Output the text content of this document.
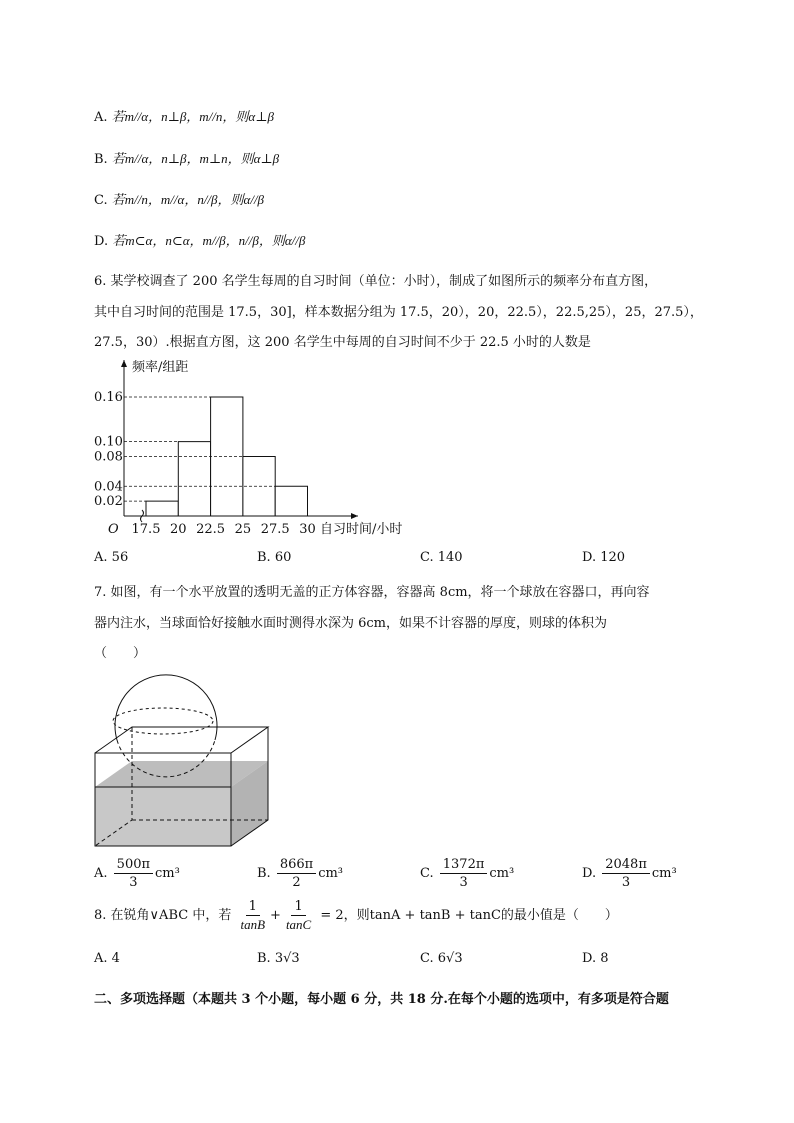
A. 若m//α，n⊥β，m//n，则α⊥β
B. 若m//α，n⊥β，m⊥n，则α⊥β
C. 若m//n，m//α，n//β，则α//β
D. 若m⊂α，n⊂α，m//β，n//β，则α//β
6. 某学校调查了 200 名学生每周的自习时间（单位：小时），制成了如图所示的频率分布直方图，
其中自习时间的范围是 17.5，30]，样本数据分组为 17.5，20），20，22.5），22.5,25），25，27.5），
27.5，30）.根据直方图，这 200 名学生中每周的自习时间不少于 22.5 小时的人数是
频率/组距
自习时间/小时
O
0.02
0.04
0.08
0.10
0.16
17.5 20 22.5 25 27.5 30
A. 56	B. 60	C. 140	D. 120
7. 如图，有一个水平放置的透明无盖的正方体容器，容器高 8cm，将一个球放在容器口，再向容
器内注水，当球面恰好接触水面时测得水深为 6cm，如果不计容器的厚度，则球的体积为
（　　）
A. $\frac{500\pi}{3} cm^3$	B. $\frac{866\pi}{2} cm^3$	C. $\frac{1372\pi}{3} cm^3$	D. $\frac{2048\pi}{3} cm^3$
8. 在锐角∨ABC 中，若 $\frac{1}{\tan B} + \frac{1}{\tan C} = 2$，则tanA + tanB + tanC的最小值是（　　）
A. 4	B. 3√3	C. 6√3	D. 8
二、多项选择题（本题共 3 个小题，每小题 6 分，共 18 分.在每个小题的选项中，有多项是符合题
